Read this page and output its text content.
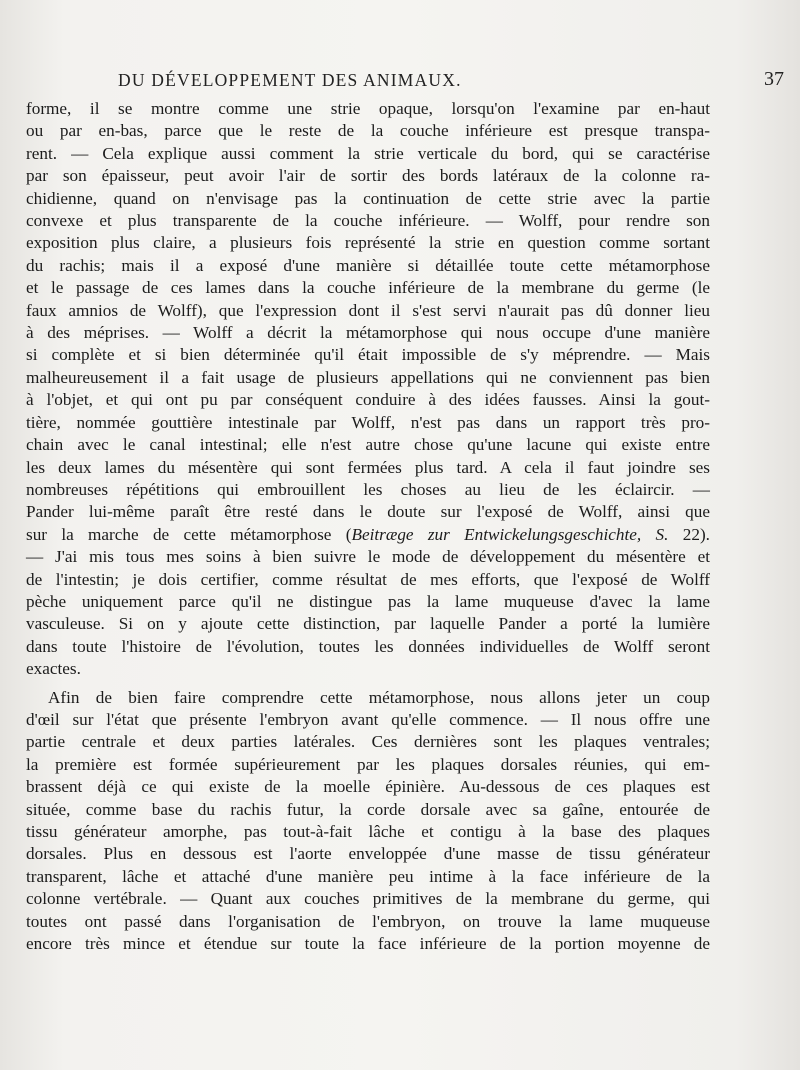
DU DÉVELOPPEMENT DES ANIMAUX.	37
forme, il se montre comme une strie opaque, lorsqu'on l'examine par en-haut
ou par en-bas, parce que le reste de la couche inférieure est presque transpa-
rent. — Cela explique aussi comment la strie verticale du bord, qui se caractérise
par son épaisseur, peut avoir l'air de sortir des bords latéraux de la colonne ra-
chidienne, quand on n'envisage pas la continuation de cette strie avec la partie
convexe et plus transparente de la couche inférieure. — Wolff, pour rendre son
exposition plus claire, a plusieurs fois représenté la strie en question comme sortant
du rachis; mais il a exposé d'une manière si détaillée toute cette métamorphose
et le passage de ces lames dans la couche inférieure de la membrane du germe (le
faux amnios de Wolff), que l'expression dont il s'est servi n'aurait pas dû donner lieu
à des méprises. — Wolff a décrit la métamorphose qui nous occupe d'une manière
si complète et si bien déterminée qu'il était impossible de s'y méprendre. — Mais
malheureusement il a fait usage de plusieurs appellations qui ne conviennent pas bien
à l'objet, et qui ont pu par conséquent conduire à des idées fausses. Ainsi la gout-
tière, nommée gouttière intestinale par Wolff, n'est pas dans un rapport très pro-
chain avec le canal intestinal; elle n'est autre chose qu'une lacune qui existe entre
les deux lames du mésentère qui sont fermées plus tard. A cela il faut joindre ses
nombreuses répétitions qui embrouillent les choses au lieu de les éclaircir. —
Pander lui-même paraît être resté dans le doute sur l'exposé de Wolff, ainsi que
sur la marche de cette métamorphose (Beitræge zur Entwickelungsgeschichte, S. 22).
— J'ai mis tous mes soins à bien suivre le mode de développement du mésentère et
de l'intestin; je dois certifier, comme résultat de mes efforts, que l'exposé de Wolff
pèche uniquement parce qu'il ne distingue pas la lame muqueuse d'avec la lame
vasculeuse. Si on y ajoute cette distinction, par laquelle Pander a porté la lumière
dans toute l'histoire de l'évolution, toutes les données individuelles de Wolff seront
exactes.
Afin de bien faire comprendre cette métamorphose, nous allons jeter un coup
d'œil sur l'état que présente l'embryon avant qu'elle commence. — Il nous offre une
partie centrale et deux parties latérales. Ces dernières sont les plaques ventrales;
la première est formée supérieurement par les plaques dorsales réunies, qui em-
brassent déjà ce qui existe de la moelle épinière. Au-dessous de ces plaques est
située, comme base du rachis futur, la corde dorsale avec sa gaîne, entourée de
tissu générateur amorphe, pas tout-à-fait lâche et contigu à la base des plaques
dorsales. Plus en dessous est l'aorte enveloppée d'une masse de tissu générateur
transparent, lâche et attaché d'une manière peu intime à la face inférieure de la
colonne vertébrale. — Quant aux couches primitives de la membrane du germe, qui
toutes ont passé dans l'organisation de l'embryon, on trouve la lame muqueuse
encore très mince et étendue sur toute la face inférieure de la portion moyenne de
